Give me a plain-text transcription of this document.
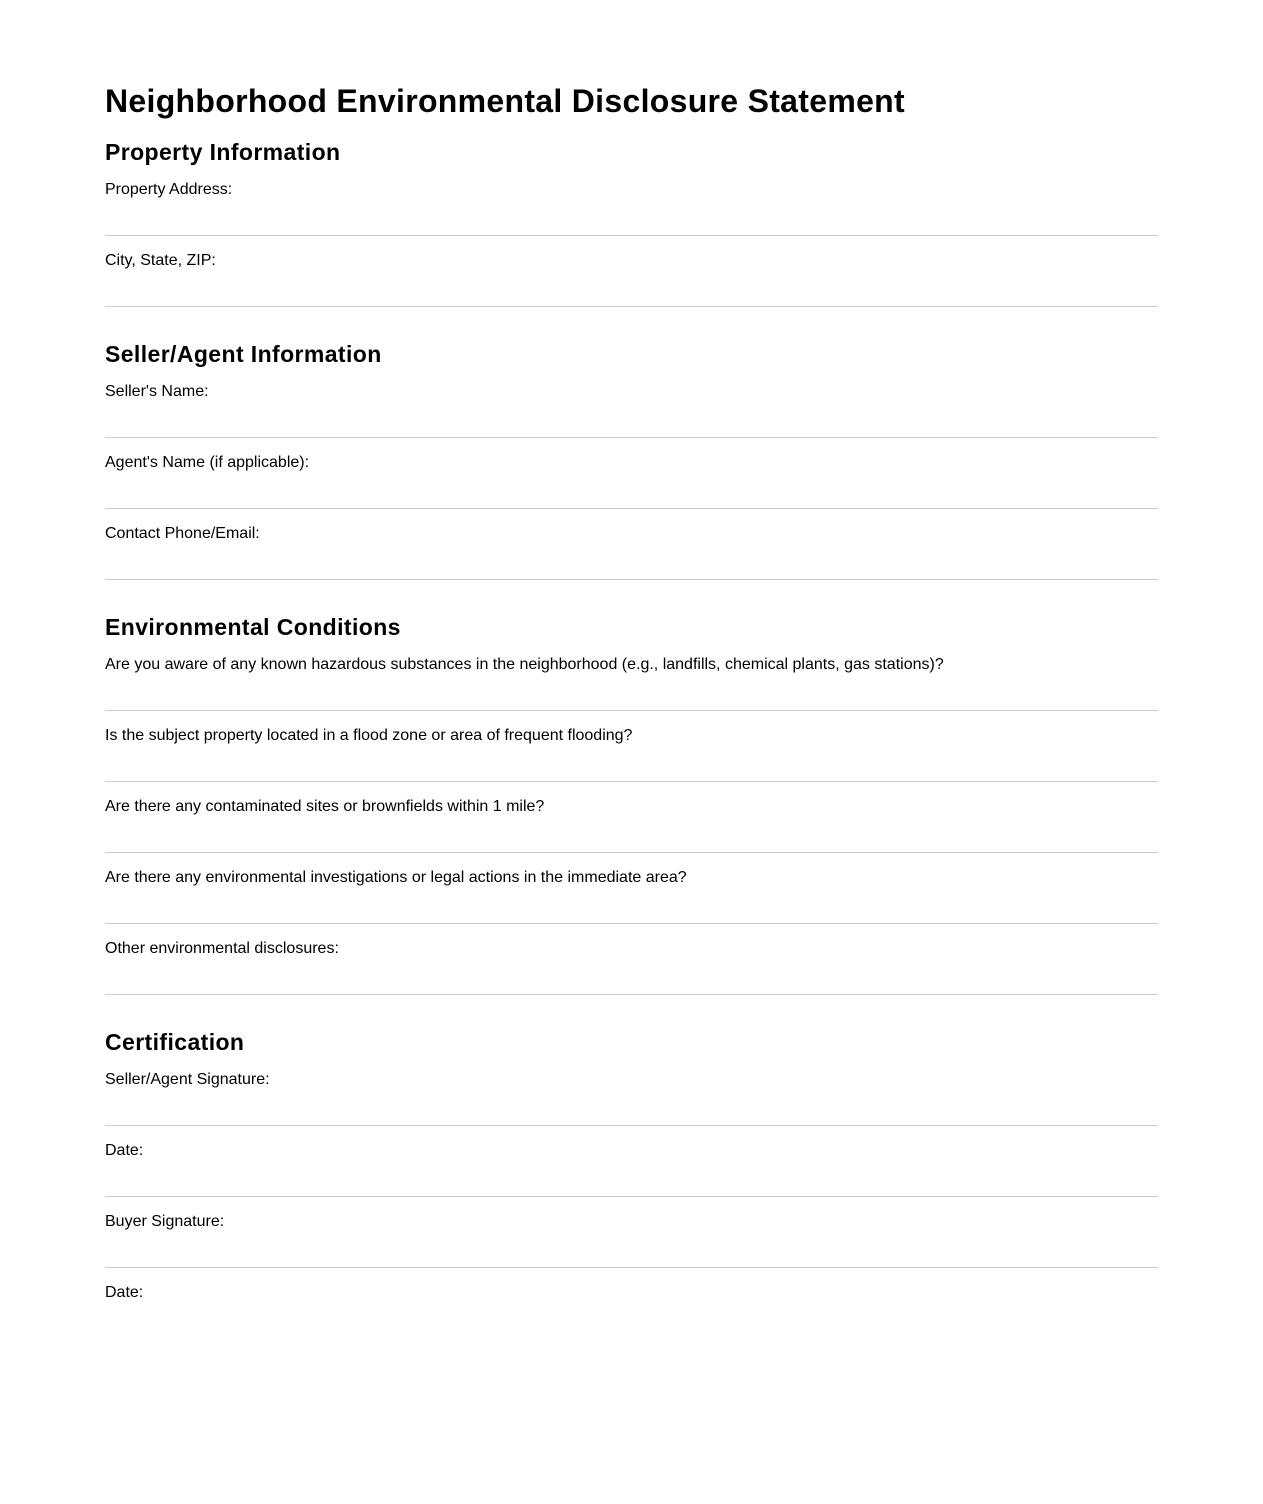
Neighborhood Environmental Disclosure Statement
Property Information
Property Address:
City, State, ZIP:
Seller/Agent Information
Seller's Name:
Agent's Name (if applicable):
Contact Phone/Email:
Environmental Conditions
Are you aware of any known hazardous substances in the neighborhood (e.g., landfills, chemical plants, gas stations)?
Is the subject property located in a flood zone or area of frequent flooding?
Are there any contaminated sites or brownfields within 1 mile?
Are there any environmental investigations or legal actions in the immediate area?
Other environmental disclosures:
Certification
Seller/Agent Signature:
Date:
Buyer Signature:
Date:
